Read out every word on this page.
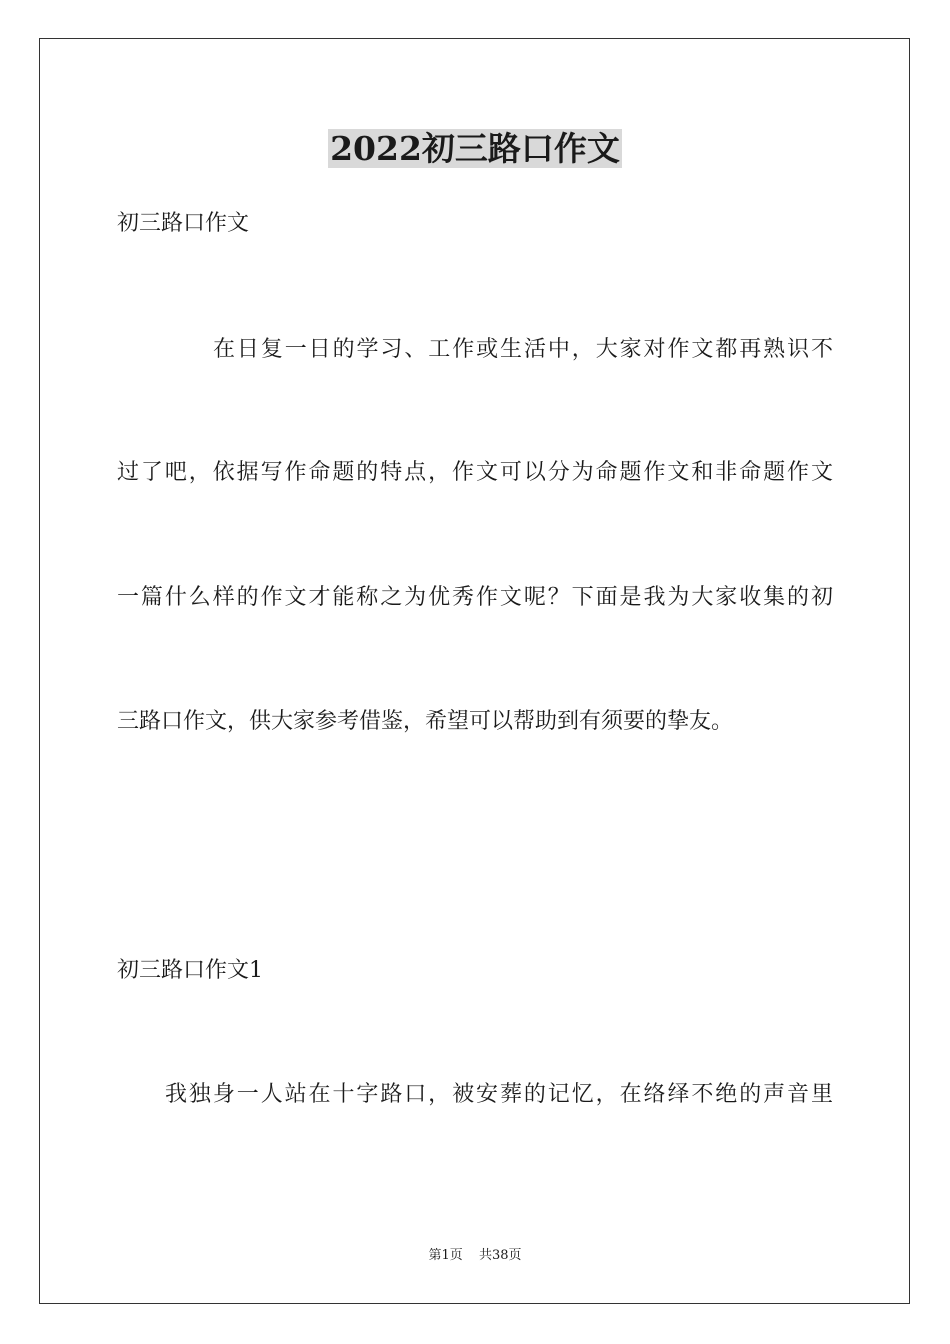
2022初三路口作文

初三路口作文

在日复一日的学习、工作或生活中，大家对作文都再熟识不

过了吧，依据写作命题的特点，作文可以分为命题作文和非命题作文

一篇什么样的作文才能称之为优秀作文呢？下面是我为大家收集的初

三路口作文，供大家参考借鉴，希望可以帮助到有须要的挚友。

初三路口作文1

我独身一人站在十字路口，被安葬的记忆，在络绎不绝的声音里

第1页 共38页
